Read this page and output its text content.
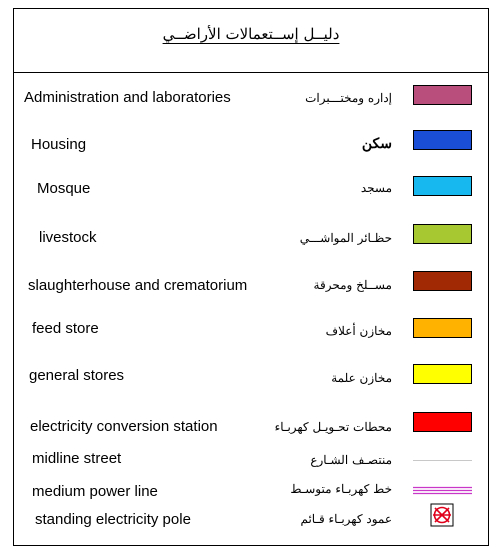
دليــل إســتعمالات الأراضــي
Administration and laboratories	إداره ومختـــبرات
Housing	سكن
Mosque	مسجد
livestock	حظـائر المواشـــي
slaughterhouse and crematorium	مســلخ ومحرقة
feed store	مخازن أعلاف
general stores	مخازن علمة
electricity conversion station	محطات تحـويـل كهربـاء
midline street	منتصـف الشـارع
medium power line	خط كهربـاء متوسـط
standing electricity pole	عمود كهربـاء قـائم
